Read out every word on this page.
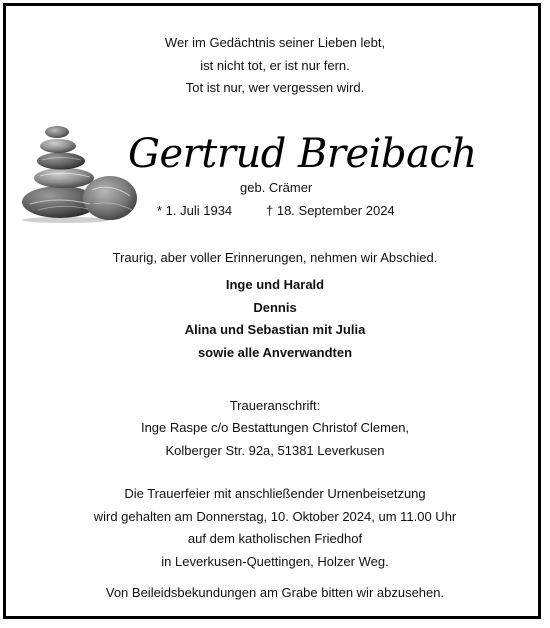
Wer im Gedächtnis seiner Lieben lebt,
ist nicht tot, er ist nur fern.
Tot ist nur, wer vergessen wird.
Gertrud Breibach
geb. Crämer
* 1. Juli 1934	† 18. September 2024
Traurig, aber voller Erinnerungen, nehmen wir Abschied.
Inge und Harald
Dennis
Alina und Sebastian mit Julia
sowie alle Anverwandten
Traueranschrift:
Inge Raspe c/o Bestattungen Christof Clemen,
Kolberger Str. 92a, 51381 Leverkusen
Die Trauerfeier mit anschließender Urnenbeisetzung
wird gehalten am Donnerstag, 10. Oktober 2024, um 11.00 Uhr
auf dem katholischen Friedhof
in Leverkusen-Quettingen, Holzer Weg.
Von Beileidsbekundungen am Grabe bitten wir abzusehen.
